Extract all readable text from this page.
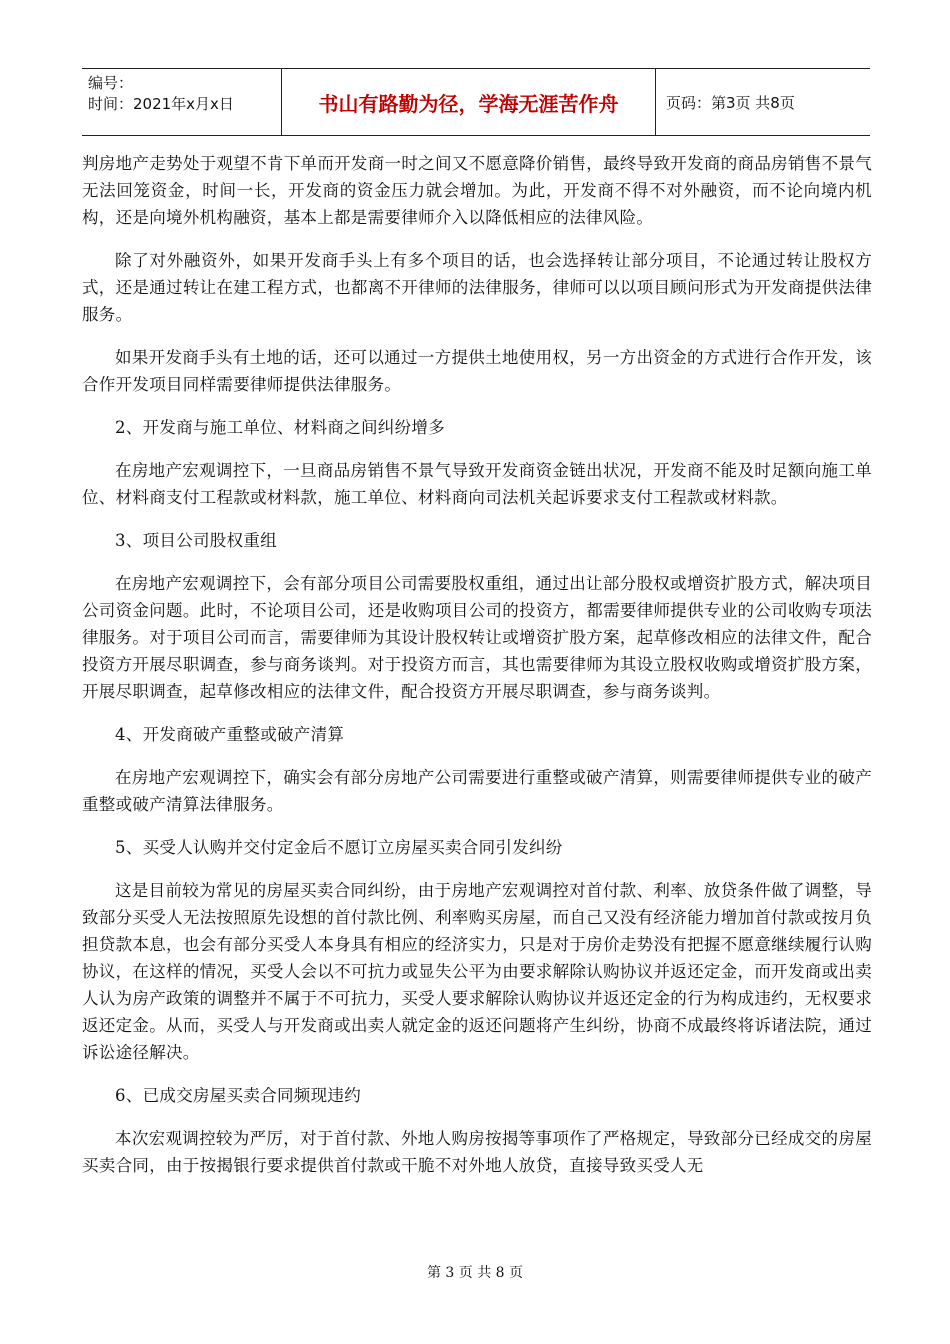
编号：
时间：2021年x月x日	书山有路勤为径，学海无涯苦作舟	页码：第3页 共8页

判房地产走势处于观望不肯下单而开发商一时之间又不愿意降价销售，最终导致开发商的商品房销售不景气无法回笼资金，时间一长，开发商的资金压力就会增加。为此，开发商不得不对外融资，而不论向境内机构，还是向境外机构融资，基本上都是需要律师介入以降低相应的法律风险。

除了对外融资外，如果开发商手头上有多个项目的话，也会选择转让部分项目，不论通过转让股权方式，还是通过转让在建工程方式，也都离不开律师的法律服务，律师可以以项目顾问形式为开发商提供法律服务。

如果开发商手头有土地的话，还可以通过一方提供土地使用权，另一方出资金的方式进行合作开发，该合作开发项目同样需要律师提供法律服务。

2、开发商与施工单位、材料商之间纠纷增多

在房地产宏观调控下，一旦商品房销售不景气导致开发商资金链出状况，开发商不能及时足额向施工单位、材料商支付工程款或材料款，施工单位、材料商向司法机关起诉要求支付工程款或材料款。

3、项目公司股权重组

在房地产宏观调控下，会有部分项目公司需要股权重组，通过出让部分股权或增资扩股方式，解决项目公司资金问题。此时，不论项目公司，还是收购项目公司的投资方，都需要律师提供专业的公司收购专项法律服务。对于项目公司而言，需要律师为其设计股权转让或增资扩股方案，起草修改相应的法律文件，配合投资方开展尽职调查，参与商务谈判。对于投资方而言，其也需要律师为其设立股权收购或增资扩股方案，开展尽职调查，起草修改相应的法律文件，配合投资方开展尽职调查，参与商务谈判。

4、开发商破产重整或破产清算

在房地产宏观调控下，确实会有部分房地产公司需要进行重整或破产清算，则需要律师提供专业的破产重整或破产清算法律服务。

5、买受人认购并交付定金后不愿订立房屋买卖合同引发纠纷

这是目前较为常见的房屋买卖合同纠纷，由于房地产宏观调控对首付款、利率、放贷条件做了调整，导致部分买受人无法按照原先设想的首付款比例、利率购买房屋，而自己又没有经济能力增加首付款或按月负担贷款本息，也会有部分买受人本身具有相应的经济实力，只是对于房价走势没有把握不愿意继续履行认购协议，在这样的情况，买受人会以不可抗力或显失公平为由要求解除认购协议并返还定金，而开发商或出卖人认为房产政策的调整并不属于不可抗力，买受人要求解除认购协议并返还定金的行为构成违约，无权要求返还定金。从而，买受人与开发商或出卖人就定金的返还问题将产生纠纷，协商不成最终将诉诸法院，通过诉讼途径解决。

6、已成交房屋买卖合同频现违约

本次宏观调控较为严厉，对于首付款、外地人购房按揭等事项作了严格规定，导致部分已经成交的房屋买卖合同，由于按揭银行要求提供首付款或干脆不对外地人放贷，直接导致买受人无

第 3 页 共 8 页
